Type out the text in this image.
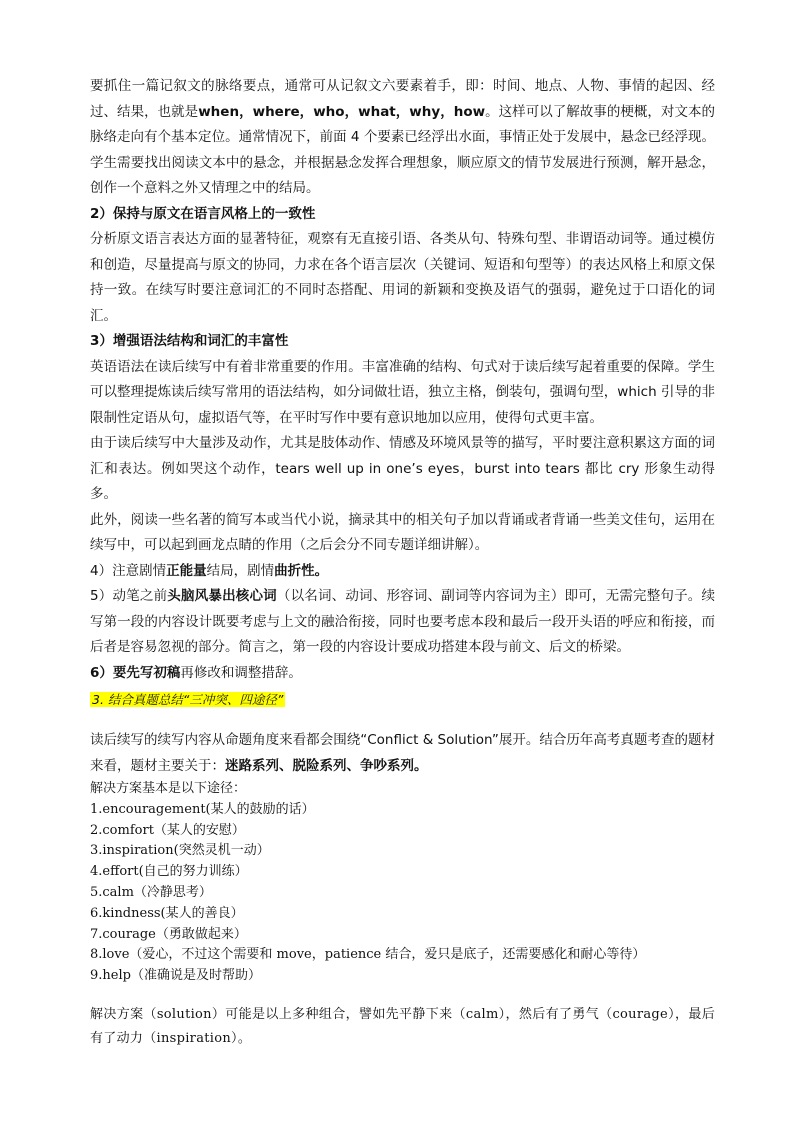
要抓住一篇记叙文的脉络要点，通常可从记叙文六要素着手，即：时间、地点、人物、事情的起因、经过、结果，也就是when，where，who，what，why，how。这样可以了解故事的梗概，对文本的脉络走向有个基本定位。通常情况下，前面 4 个要素已经浮出水面，事情正处于发展中，悬念已经浮现。学生需要找出阅读文本中的悬念，并根据悬念发挥合理想象，顺应原文的情节发展进行预测，解开悬念，创作一个意料之外又情理之中的结局。

2）保持与原文在语言风格上的一致性

分析原文语言表达方面的显著特征，观察有无直接引语、各类从句、特殊句型、非谓语动词等。通过模仿和创造，尽量提高与原文的协同，力求在各个语言层次（关键词、短语和句型等）的表达风格上和原文保持一致。在续写时要注意词汇的不同时态搭配、用词的新颖和变换及语气的强弱，避免过于口语化的词汇。

3）增强语法结构和词汇的丰富性

英语语法在读后续写中有着非常重要的作用。丰富准确的结构、句式对于读后续写起着重要的保障。学生可以整理提炼读后续写常用的语法结构，如分词做壮语，独立主格，倒装句，强调句型，which 引导的非限制性定语从句，虚拟语气等，在平时写作中要有意识地加以应用，使得句式更丰富。

由于读后续写中大量涉及动作，尤其是肢体动作、情感及环境风景等的描写，平时要注意积累这方面的词汇和表达。例如哭这个动作，tears well up in one’s eyes，burst into tears 都比 cry 形象生动得多。

此外，阅读一些名著的简写本或当代小说，摘录其中的相关句子加以背诵或者背诵一些美文佳句，运用在续写中，可以起到画龙点睛的作用（之后会分不同专题详细讲解）。

4）注意剧情正能量结局，剧情曲折性。

5）动笔之前头脑风暴出核心词（以名词、动词、形容词、副词等内容词为主）即可，无需完整句子。续写第一段的内容设计既要考虑与上文的融洽衔接，同时也要考虑本段和最后一段开头语的呼应和衔接，而后者是容易忽视的部分。简言之，第一段的内容设计要成功搭建本段与前文、后文的桥梁。

6）要先写初稿再修改和调整措辞。

3. 结合真题总结“三冲突、四途径”

读后续写的续写内容从命题角度来看都会围绕“Conflict & Solution”展开。结合历年高考真题考查的题材来看，题材主要关于：迷路系列、脱险系列、争吵系列。

解决方案基本是以下途径：

1.encouragement(某人的鼓励的话）
2.comfort（某人的安慰）
3.inspiration(突然灵机一动）
4.effort(自己的努力训练）
5.calm（冷静思考）
6.kindness(某人的善良）
7.courage（勇敢做起来）
8.love（爱心，不过这个需要和 move，patience 结合，爱只是底子，还需要感化和耐心等待）
9.help（准确说是及时帮助）

解决方案（solution）可能是以上多种组合，譬如先平静下来（calm），然后有了勇气（courage），最后有了动力（inspiration）。
